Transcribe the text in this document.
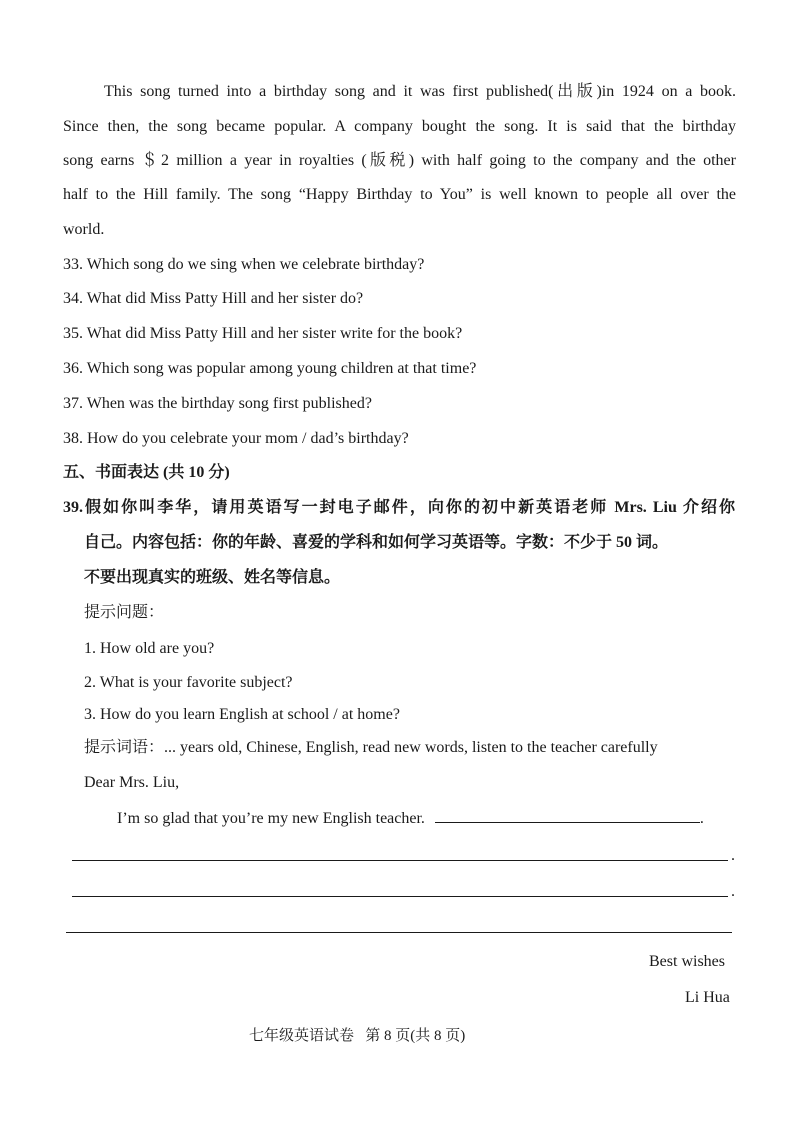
This song turned into a birthday song and it was first published(出版)in 1924 on a book.
Since then, the song became popular. A company bought the song. It is said that the birthday
song earns ＄2 million a year in royalties (版税) with half going to the company and the other
half to the Hill family. The song “Happy Birthday to You” is well known to people all over the
world.
33. Which song do we sing when we celebrate birthday?
34. What did Miss Patty Hill and her sister do?
35. What did Miss Patty Hill and her sister write for the book?
36. Which song was popular among young children at that time?
37. When was the birthday song first published?
38. How do you celebrate your mom / dad’s birthday?
五、书面表达 (共 10 分)
39.假如你叫李华，请用英语写一封电子邮件，向你的初中新英语老师 Mrs. Liu 介绍你
自己。内容包括：你的年龄、喜爱的学科和如何学习英语等。字数：不少于 50 词。
不要出现真实的班级、姓名等信息。
提示问题：
1. How old are you?
2. What is your favorite subject?
3. How do you learn English at school / at home?
提示词语：... years old, Chinese, English, read new words, listen to the teacher carefully
Dear Mrs. Liu,
I’m so glad that you’re my new English teacher.	.
.
.
Best wishes
Li Hua
七年级英语试卷   第 8 页(共 8 页)
